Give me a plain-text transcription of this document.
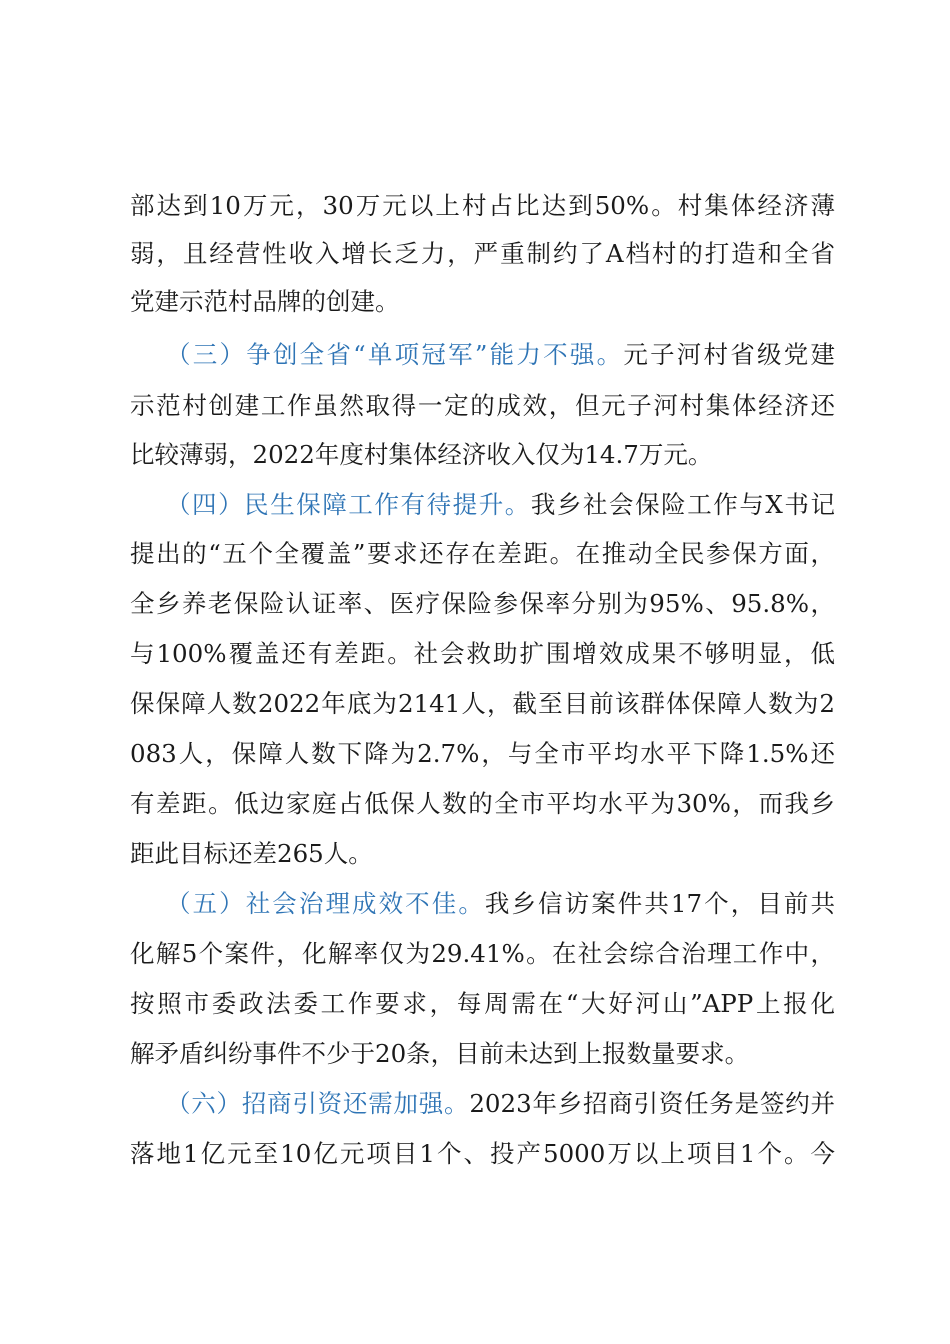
部达到10万元，30万元以上村占比达到50%。村集体经济薄
弱，且经营性收入增长乏力，严重制约了A档村的打造和全省
党建示范村品牌的创建。
（三）争创全省“单项冠军”能力不强。元子河村省级党建
示范村创建工作虽然取得一定的成效，但元子河村集体经济还
比较薄弱，2022年度村集体经济收入仅为14.7万元。
（四）民生保障工作有待提升。我乡社会保险工作与X书记
提出的“五个全覆盖”要求还存在差距。在推动全民参保方面，
全乡养老保险认证率、医疗保险参保率分别为95%、95.8%，
与100%覆盖还有差距。社会救助扩围增效成果不够明显，低
保保障人数2022年底为2141人，截至目前该群体保障人数为2
083人，保障人数下降为2.7%，与全市平均水平下降1.5%还
有差距。低边家庭占低保人数的全市平均水平为30%，而我乡
距此目标还差265人。
（五）社会治理成效不佳。我乡信访案件共17个，目前共
化解5个案件，化解率仅为29.41%。在社会综合治理工作中，
按照市委政法委工作要求，每周需在“大好河山”APP上报化
解矛盾纠纷事件不少于20条，目前未达到上报数量要求。
（六）招商引资还需加强。2023年乡招商引资任务是签约并
落地1亿元至10亿元项目1个、投产5000万以上项目1个。今
